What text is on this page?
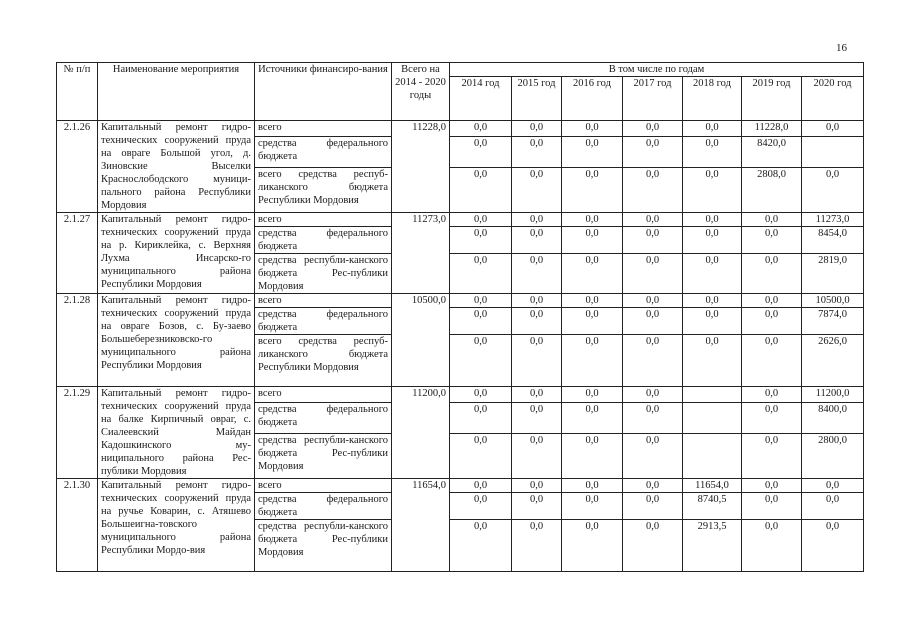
16
№ п/п	Наименование мероприятия	Источники финансиро-вания	Всего на 2014 - 2020 годы	В том числе по годам						
				2014 год	2015 год	2016 год	2017 год	2018 год	2019 год	2020 год
2.1.26	Капитальный ремонт гидро-технических сооружений пруда на овраге Большой угол, д. Зиновские Выселки Краснослободского муници-пального района Республики Мордовия	всего	11228,0	0,0	0,0	0,0	0,0	0,0	11228,0	0,0
		средства федерального бюджета		0,0	0,0	0,0	0,0	0,0	8420,0	
		всего средства респуб-ликанского бюджета Республики Мордовия		0,0	0,0	0,0	0,0	0,0	2808,0	0,0
2.1.27	Капитальный ремонт гидро-технических сооружений пруда на р. Кириклейка, с. Верхняя Лухма Инсарско-го муниципального района Республики Мордовия	всего	11273,0	0,0	0,0	0,0	0,0	0,0	0,0	11273,0
		средства федерального бюджета		0,0	0,0	0,0	0,0	0,0	0,0	8454,0
		средства республи-канского бюджета Рес-публики Мордовия		0,0	0,0	0,0	0,0	0,0	0,0	2819,0
2.1.28	Капитальный ремонт гидро-технических сооружений пруда на овраге Бозов, с. Бу-заево Большеберезниковско-го муниципального района Республики Мордовия	всего	10500,0	0,0	0,0	0,0	0,0	0,0	0,0	10500,0
		средства федерального бюджета		0,0	0,0	0,0	0,0	0,0	0,0	7874,0
		всего средства респуб-ликанского бюджета Республики Мордовия		0,0	0,0	0,0	0,0	0,0	0,0	2626,0
2.1.29	Капитальный ремонт гидро-технических сооружений пруда на балке Кирпичный овраг, с. Сиалеевский Майдан Кадошкинского му-ниципального района Рес-публики Мордовия	всего	11200,0	0,0	0,0	0,0	0,0		0,0	11200,0
		средства федерального бюджета		0,0	0,0	0,0	0,0		0,0	8400,0
		средства республи-канского бюджета Рес-публики Мордовия		0,0	0,0	0,0	0,0		0,0	2800,0
2.1.30	Капитальный ремонт гидро-технических сооружений пруда на ручье Коварин, с. Атяшево Большеигна-товского муниципального района Республики Мордо-вия	всего	11654,0	0,0	0,0	0,0	0,0	11654,0	0,0	0,0
		средства федерального бюджета		0,0	0,0	0,0	0,0	8740,5	0,0	0,0
		средства республи-канского бюджета Рес-публики Мордовия		0,0	0,0	0,0	0,0	2913,5	0,0	0,0
